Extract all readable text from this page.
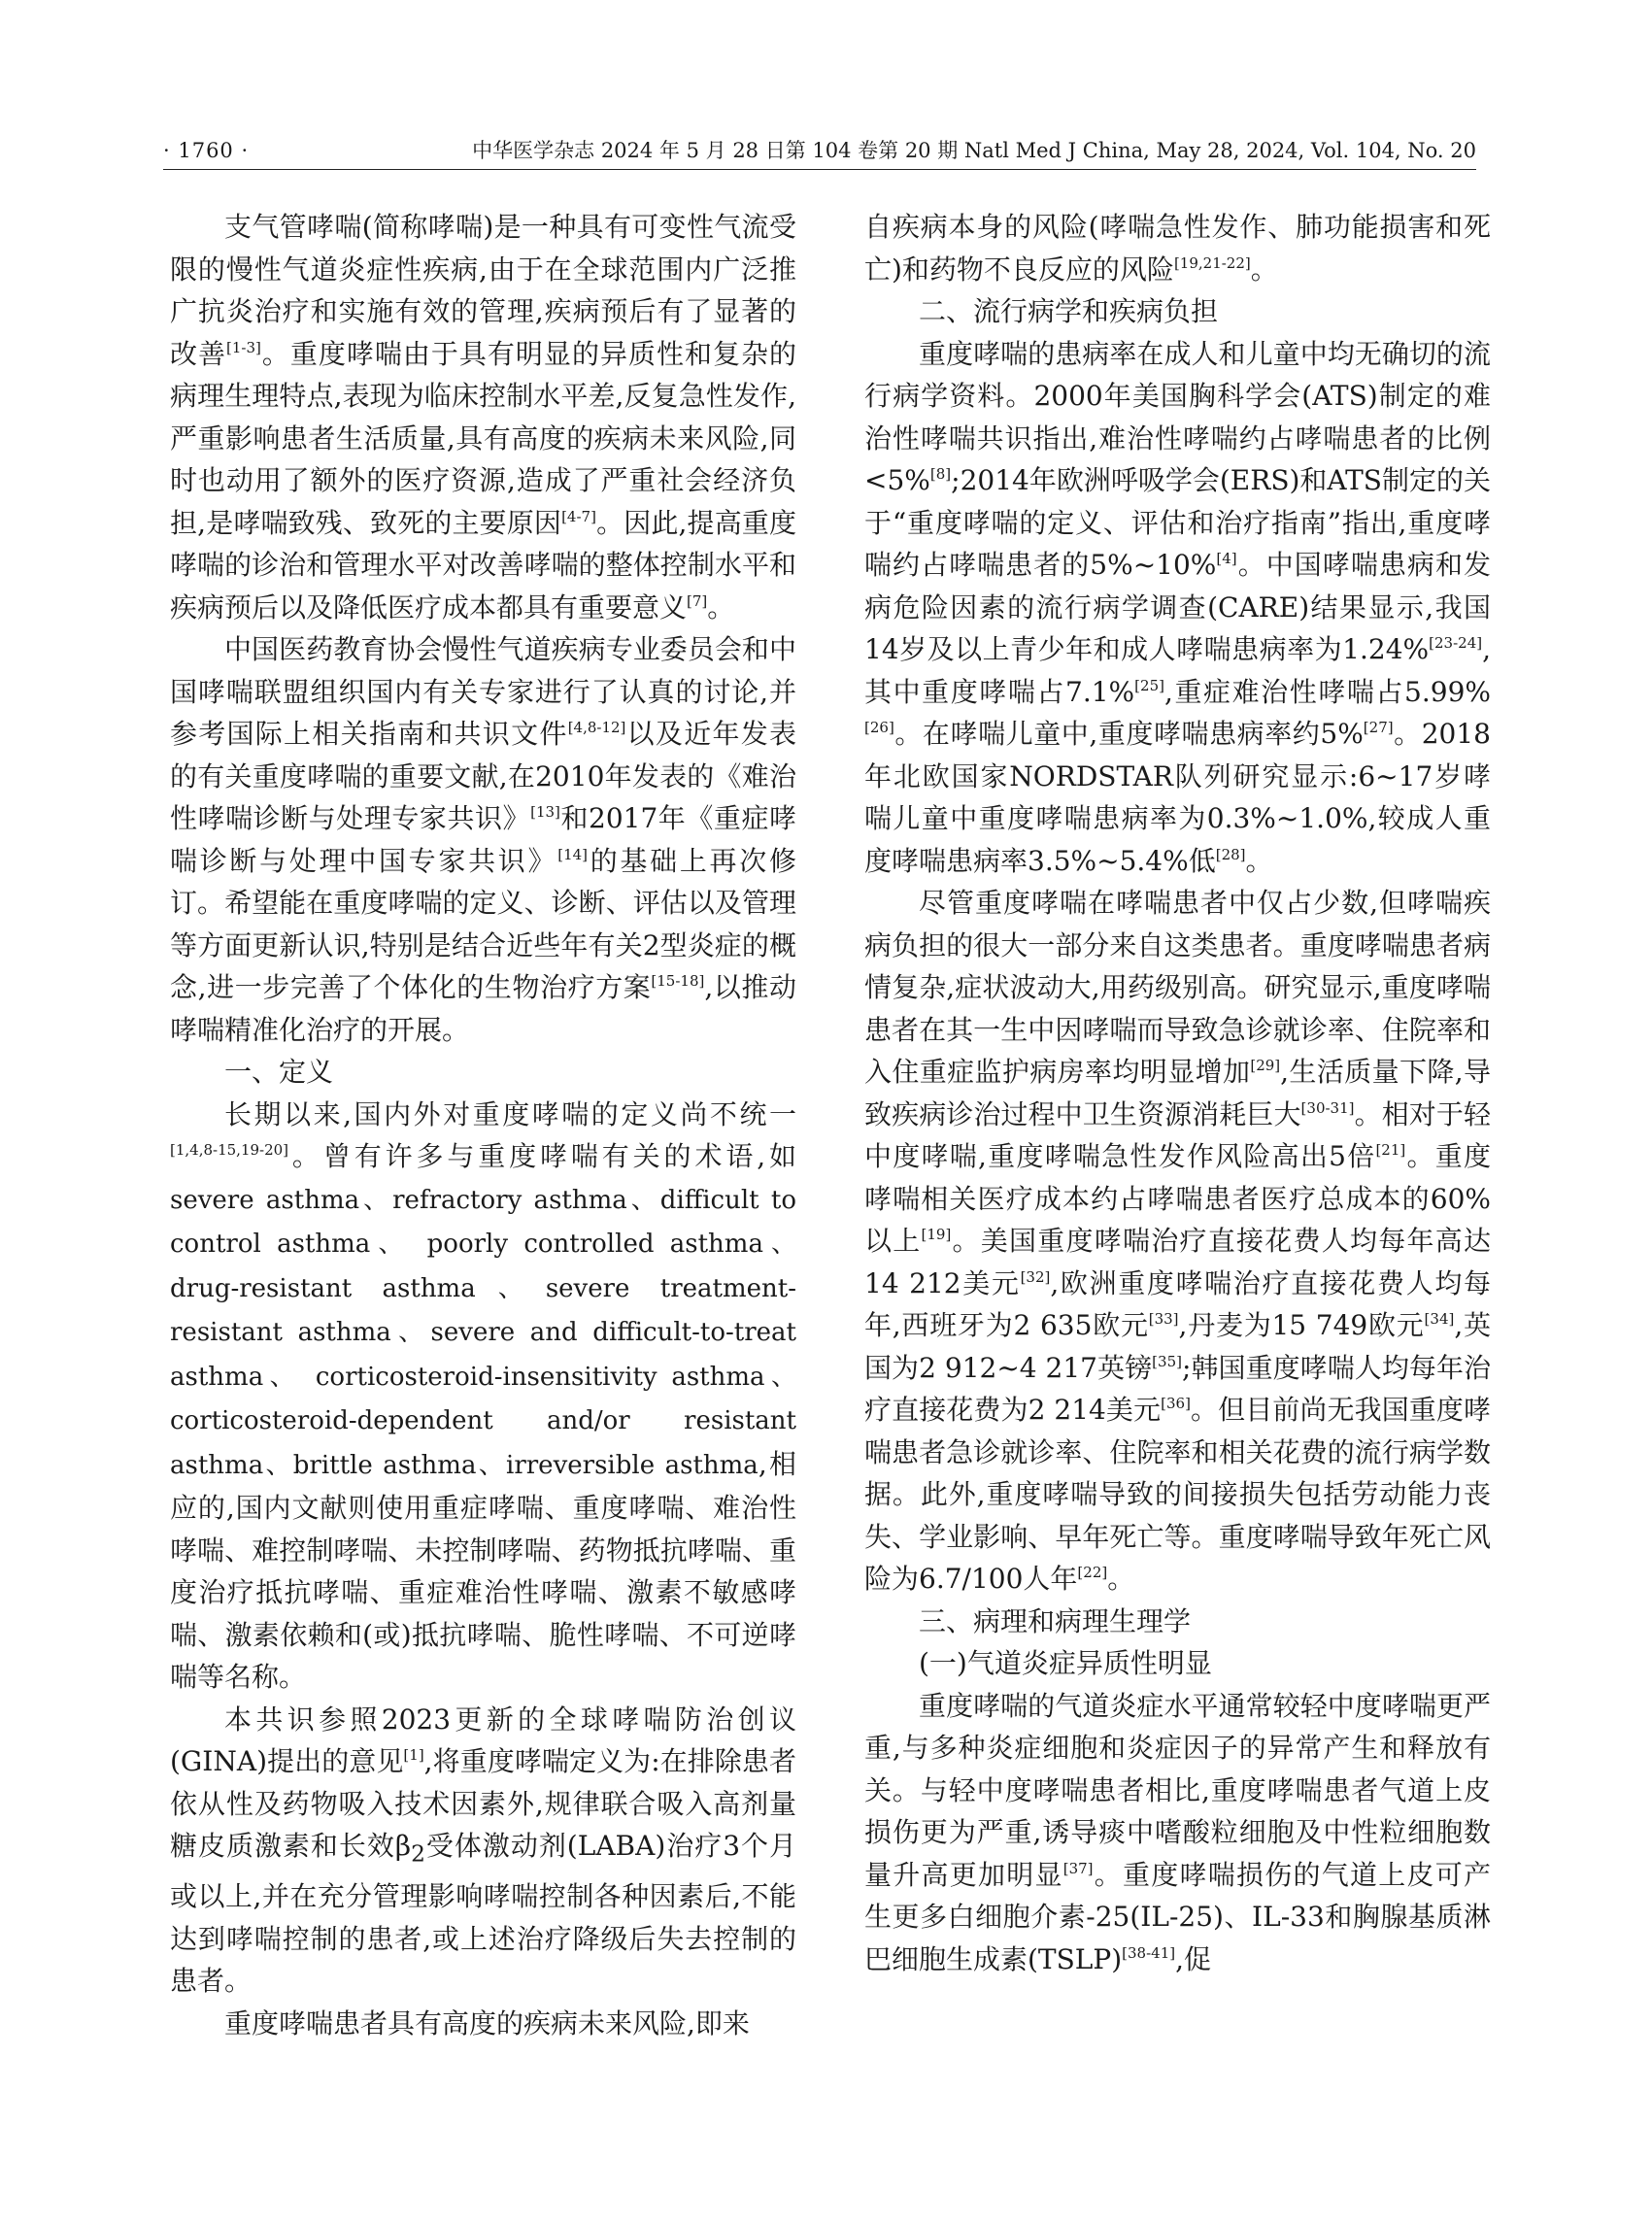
· 1760 ·	中华医学杂志 2024 年 5 月 28 日第 104 卷第 20 期 Natl Med J China, May 28, 2024, Vol. 104, No. 20

支气管哮喘(简称哮喘)是一种具有可变性气流受限的慢性气道炎症性疾病,由于在全球范围内广泛推广抗炎治疗和实施有效的管理,疾病预后有了显著的改善[1-3]。重度哮喘由于具有明显的异质性和复杂的病理生理特点,表现为临床控制水平差,反复急性发作,严重影响患者生活质量,具有高度的疾病未来风险,同时也动用了额外的医疗资源,造成了严重社会经济负担,是哮喘致残、致死的主要原因[4-7]。因此,提高重度哮喘的诊治和管理水平对改善哮喘的整体控制水平和疾病预后以及降低医疗成本都具有重要意义[7]。

中国医药教育协会慢性气道疾病专业委员会和中国哮喘联盟组织国内有关专家进行了认真的讨论,并参考国际上相关指南和共识文件[4,8-12]以及近年发表的有关重度哮喘的重要文献,在2010年发表的《难治性哮喘诊断与处理专家共识》[13]和2017年《重症哮喘诊断与处理中国专家共识》[14]的基础上再次修订。希望能在重度哮喘的定义、诊断、评估以及管理等方面更新认识,特别是结合近些年有关2型炎症的概念,进一步完善了个体化的生物治疗方案[15-18],以推动哮喘精准化治疗的开展。

一、定义

长期以来,国内外对重度哮喘的定义尚不统一[1,4,8-15,19-20]。曾有许多与重度哮喘有关的术语,如 severe asthma、refractory asthma、difficult to control asthma、 poorly controlled asthma、 drug-resistant asthma、severe treatment-resistant asthma、severe and difficult-to-treat asthma、 corticosteroid-insensitivity asthma、 corticosteroid-dependent and/or resistant asthma、brittle asthma、irreversible asthma,相应的,国内文献则使用重症哮喘、重度哮喘、难治性哮喘、难控制哮喘、未控制哮喘、药物抵抗哮喘、重度治疗抵抗哮喘、重症难治性哮喘、激素不敏感哮喘、激素依赖和(或)抵抗哮喘、脆性哮喘、不可逆哮喘等名称。

本共识参照2023更新的全球哮喘防治创议(GINA)提出的意见[1],将重度哮喘定义为:在排除患者依从性及药物吸入技术因素外,规律联合吸入高剂量糖皮质激素和长效$\beta_2$受体激动剂(LABA)治疗3个月或以上,并在充分管理影响哮喘控制各种因素后,不能达到哮喘控制的患者,或上述治疗降级后失去控制的患者。

重度哮喘患者具有高度的疾病未来风险,即来

自疾病本身的风险(哮喘急性发作、肺功能损害和死亡)和药物不良反应的风险[19,21-22]。

二、流行病学和疾病负担

重度哮喘的患病率在成人和儿童中均无确切的流行病学资料。2000年美国胸科学会(ATS)制定的难治性哮喘共识指出,难治性哮喘约占哮喘患者的比例<5%[8];2014年欧洲呼吸学会(ERS)和ATS制定的关于“重度哮喘的定义、评估和治疗指南”指出,重度哮喘约占哮喘患者的5%~10%[4]。中国哮喘患病和发病危险因素的流行病学调查(CARE)结果显示,我国14岁及以上青少年和成人哮喘患病率为1.24%[23-24],其中重度哮喘占7.1%[25],重症难治性哮喘占5.99%[26]。在哮喘儿童中,重度哮喘患病率约5%[27]。2018年北欧国家NORDSTAR队列研究显示:6~17岁哮喘儿童中重度哮喘患病率为0.3%~1.0%,较成人重度哮喘患病率3.5%~5.4%低[28]。

尽管重度哮喘在哮喘患者中仅占少数,但哮喘疾病负担的很大一部分来自这类患者。重度哮喘患者病情复杂,症状波动大,用药级别高。研究显示,重度哮喘患者在其一生中因哮喘而导致急诊就诊率、住院率和入住重症监护病房率均明显增加[29],生活质量下降,导致疾病诊治过程中卫生资源消耗巨大[30-31]。相对于轻中度哮喘,重度哮喘急性发作风险高出5倍[21]。重度哮喘相关医疗成本约占哮喘患者医疗总成本的60%以上[19]。美国重度哮喘治疗直接花费人均每年高达14 212美元[32],欧洲重度哮喘治疗直接花费人均每年,西班牙为2 635欧元[33],丹麦为15 749欧元[34],英国为2 912~4 217英镑[35];韩国重度哮喘人均每年治疗直接花费为2 214美元[36]。但目前尚无我国重度哮喘患者急诊就诊率、住院率和相关花费的流行病学数据。此外,重度哮喘导致的间接损失包括劳动能力丧失、学业影响、早年死亡等。重度哮喘导致年死亡风险为6.7/100人年[22]。

三、病理和病理生理学

(一)气道炎症异质性明显

重度哮喘的气道炎症水平通常较轻中度哮喘更严重,与多种炎症细胞和炎症因子的异常产生和释放有关。与轻中度哮喘患者相比,重度哮喘患者气道上皮损伤更为严重,诱导痰中嗜酸粒细胞及中性粒细胞数量升高更加明显[37]。重度哮喘损伤的气道上皮可产生更多白细胞介素-25(IL-25)、IL-33和胸腺基质淋巴细胞生成素(TSLP)[38-41],促
